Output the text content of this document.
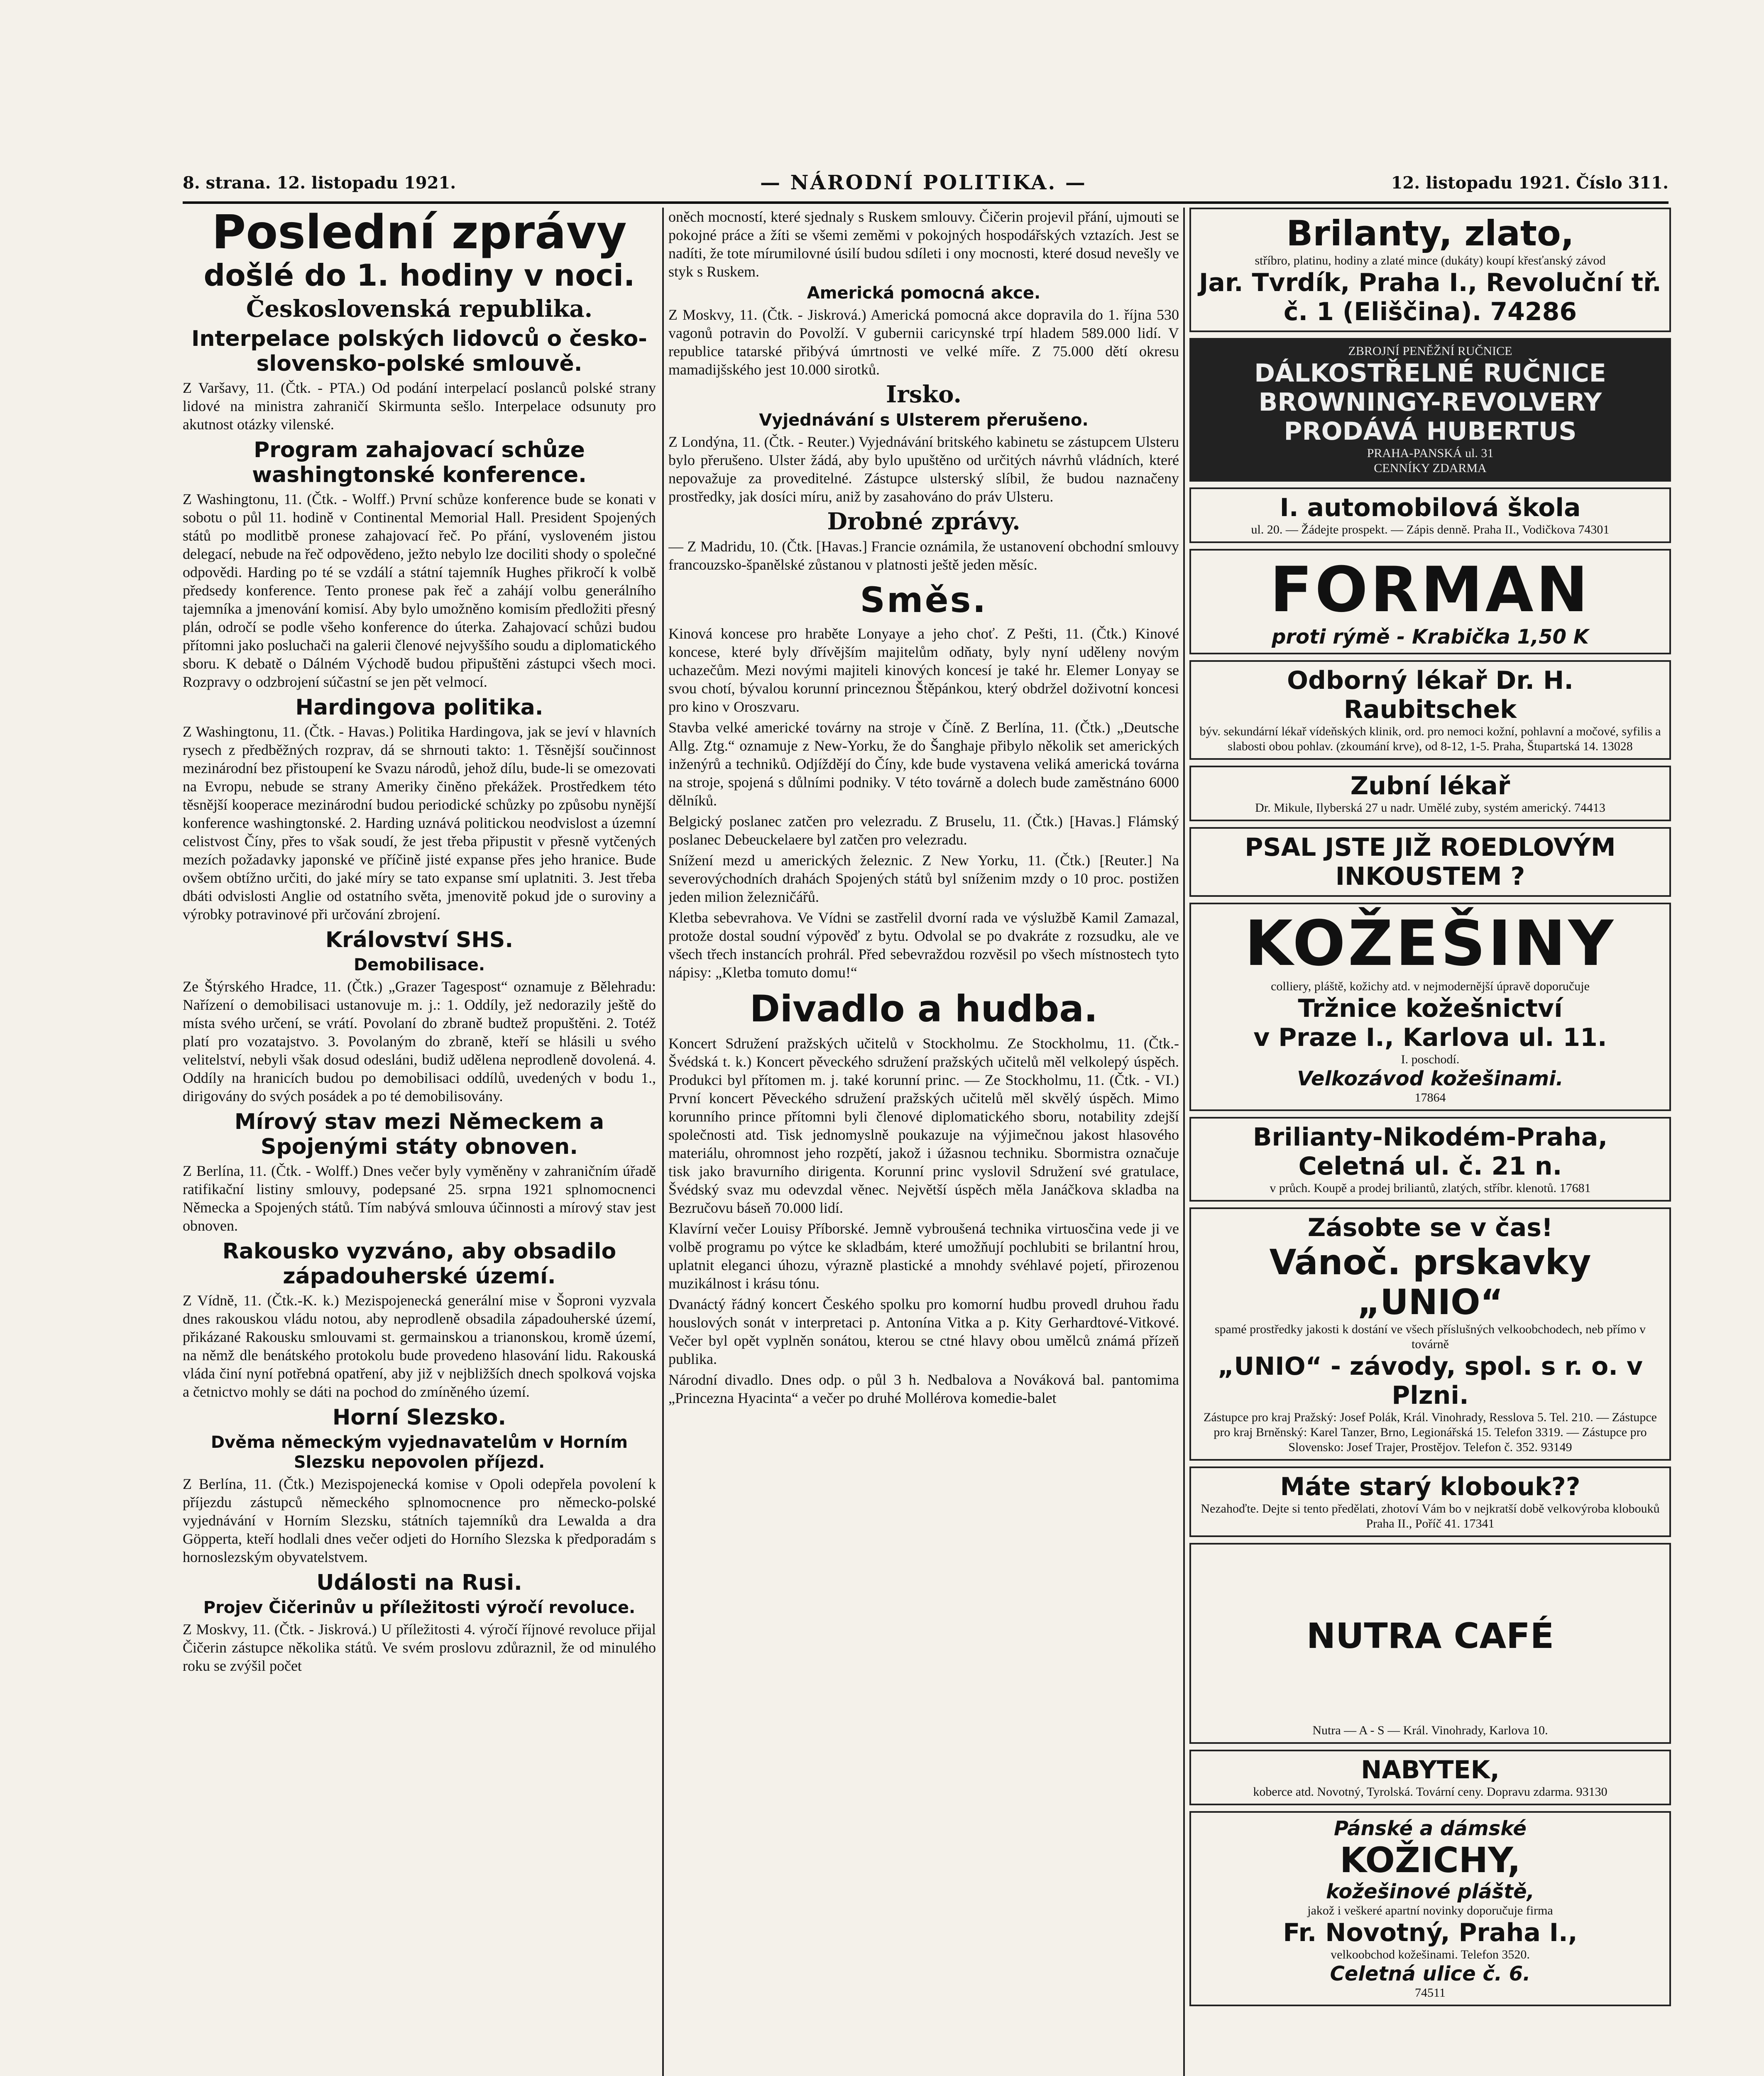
8. strana. 12. listopadu 1921.	— NÁRODNÍ POLITIKA. —	12. listopadu 1921. Číslo 311.
Poslední zprávy
došlé do 1. hodiny v noci.
Československá republika.
Interpelace polských lidovců o česko-slovensko-polské smlouvě.

Z Varšavy, 11. (Čtk. - PTA.) Od podání interpelací poslanců polské strany lidové na ministra zahraničí Skirmunta sešlo. Interpelace odsunuty pro akutnost otázky vilenské.

Program zahajovací schůze washingtonské konference.

Z Washingtonu, 11. (Čtk. - Wolff.) První schůze konference bude se konati v sobotu o půl 11. hodině v Continental Memorial Hall. President Spojených států po modlitbě pronese zahajovací řeč. Po přání, vysloveném jistou delegací, nebude na řeč odpovědeno, ježto nebylo lze dociliti shody o společné odpovědi. Harding po té se vzdálí a státní tajemník Hughes přikročí k volbě předsedy konference. Tento pronese pak řeč a zahájí volbu generálního tajemníka a jmenování komisí. Aby bylo umožněno komisím předložiti přesný plán, odročí se podle všeho konference do úterka. Zahajovací schůzi budou přítomni jako posluchači na galerii členové nejvyššího soudu a diplomatického sboru. K debatě o Dálném Východě budou připuštěni zástupci všech moci. Rozpravy o odzbrojení súčastní se jen pět velmocí.

Hardingova politika.

Z Washingtonu, 11. (Čtk. - Havas.) Politika Hardingova, jak se jeví v hlavních rysech z předběžných rozprav, dá se shrnouti takto: 1. Těsnější součinnost mezinárodní bez přistoupení ke Svazu národů, jehož dílu, bude-li se omezovati na Evropu, nebude se strany Ameriky činěno překážek. Prostředkem této těsnější kooperace mezinárodní budou periodické schůzky po způsobu nynější konference washingtonské. 2. Harding uznává politickou neodvislost a územní celistvost Číny, přes to však soudí, že jest třeba připustit v přesně vytčených mezích požadavky japonské ve příčině jisté expanse přes jeho hranice. Bude ovšem obtížno určiti, do jaké míry se tato expanse smí uplatniti. 3. Jest třeba dbáti odvislosti Anglie od ostatního světa, jmenovitě pokud jde o suroviny a výrobky potravinové při určování zbrojení.

Království SHS.
Demobilisace.

Ze Štýrského Hradce, 11. (Čtk.) „Grazer Tagespost“ oznamuje z Bělehradu: Nařízení o demobilisaci ustanovuje m. j.: 1. Oddíly, jež nedorazily ještě do místa svého určení, se vrátí. Povolaní do zbraně budtež propuštěni. 2. Totéž platí pro vozatajstvo. 3. Povolaným do zbraně, kteří se hlásili u svého velitelství, nebyli však dosud odesláni, budiž udělena neprodleně dovolená. 4. Oddíly na hranicích budou po demobilisaci oddílů, uvedených v bodu 1., dirigovány do svých posádek a po té demobilisovány.

Mírový stav mezi Německem a Spojenými státy obnoven.

Z Berlína, 11. (Čtk. - Wolff.) Dnes večer byly vyměněny v zahraničním úřadě ratifikační listiny smlouvy, podepsané 25. srpna 1921 splnomocnenci Německa a Spojených států. Tím nabývá smlouva účinnosti a mírový stav jest obnoven.

Rakousko vyzváno, aby obsadilo západouherské území.

Z Vídně, 11. (Čtk.-K. k.) Mezispojenecká generální mise v Šoproni vyzvala dnes rakouskou vládu notou, aby neprodleně obsadila západouherské území, přikázané Rakousku smlouvami st. germainskou a trianonskou, kromě území, na němž dle benátského protokolu bude provedeno hlasování lidu. Rakouská vláda činí nyní potřebná opatření, aby již v nejbližších dnech spolková vojska a četnictvo mohly se dáti na pochod do zmíněného území.

Horní Slezsko.
Dvěma německým vyjednavatelům v Horním Slezsku nepovolen příjezd.

Z Berlína, 11. (Čtk.) Mezispojenecká komise v Opoli odepřela povolení k příjezdu zástupců německého splnomocnence pro německo-polské vyjednávání v Horním Slezsku, státních tajemníků dra Lewalda a dra Göpperta, kteří hodlali dnes večer odjeti do Horního Slezska k předporadám s hornoslezským obyvatelstvem.

Události na Rusi.
Projev Čičerinův u příležitosti výročí revoluce.

Z Moskvy, 11. (Čtk. - Jiskrová.) U příležitosti 4. výročí říjnové revoluce přijal Čičerin zástupce několika států. Ve svém proslovu zdůraznil, že od minulého roku se zvýšil počet

oněch mocností, které sjednaly s Ruskem smlouvy. Čičerin projevil přání, ujmouti se pokojné práce a žíti se všemi zeměmi v pokojných hospodářských vztazích. Jest se nadíti, že tote mírumilovné úsilí budou sdíleti i ony mocnosti, které dosud nevešly ve styk s Ruskem.

Americká pomocná akce.

Z Moskvy, 11. (Čtk. - Jiskrová.) Americká pomocná akce dopravila do 1. října 530 vagonů potravin do Povolží. V gubernii caricynské trpí hladem 589.000 lidí. V republice tatarské přibývá úmrtnosti ve velké míře. Z 75.000 dětí okresu mamadijšského jest 10.000 sirotků.

Irsko.
Vyjednávání s Ulsterem přerušeno.

Z Londýna, 11. (Čtk. - Reuter.) Vyjednávání britského kabinetu se zástupcem Ulsteru bylo přerušeno. Ulster žádá, aby bylo upuštěno od určitých návrhů vládních, které nepovažuje za proveditelné. Zástupce ulsterský slíbil, že budou naznačeny prostředky, jak dosíci míru, aniž by zasahováno do práv Ulsteru.

Drobné zprávy.

— Z Madridu, 10. (Čtk. [Havas.] Francie oznámila, že ustanovení obchodní smlouvy francouzsko-španělské zůstanou v platnosti ještě jeden měsíc.

Směs.

Kinová koncese pro hraběte Lonyaye a jeho choť. Z Pešti, 11. (Čtk.) Kinové koncese, které byly dřívějším majitelům odňaty, byly nyní uděleny novým uchazečům. Mezi novými majiteli kinových koncesí je také hr. Elemer Lonyay se svou chotí, bývalou korunní princeznou Štěpánkou, který obdržel doživotní koncesi pro kino v Oroszvaru.

Stavba velké americké továrny na stroje v Číně. Z Berlína, 11. (Čtk.) „Deutsche Allg. Ztg.“ oznamuje z New-Yorku, že do Šanghaje přibylo několik set amerických inženýrů a techniků. Odjíždějí do Číny, kde bude vystavena veliká americká továrna na stroje, spojená s důlními podniky. V této továrně a dolech bude zaměstnáno 6000 dělníků.

Belgický poslanec zatčen pro velezradu. Z Bruselu, 11. (Čtk.) [Havas.] Flámský poslanec Debeuckelaere byl zatčen pro velezradu.

Snížení mezd u amerických železnic. Z New Yorku, 11. (Čtk.) [Reuter.] Na severovýchodních drahách Spojených států byl sníženim mzdy o 10 proc. postižen jeden milion železničářů.

Kletba sebevrahova. Ve Vídni se zastřelil dvorní rada ve výslužbě Kamil Zamazal, protože dostal soudní výpověď z bytu. Odvolal se po dvakráte z rozsudku, ale ve všech třech instancích prohrál. Před sebevraždou rozvěsil po všech místnostech tyto nápisy: „Kletba tomuto domu!“

Divadlo a hudba.

Koncert Sdružení pražských učitelů v Stockholmu. Ze Stockholmu, 11. (Čtk.-Švédská t. k.) Koncert pěveckého sdružení pražských učitelů měl velkolepý úspěch. Produkci byl přítomen m. j. také korunní princ. — Ze Stockholmu, 11. (Čtk. - VI.) První koncert Pěveckého sdružení pražských učitelů měl skvělý úspěch. Mimo korunního prince přítomni byli členové diplomatického sboru, notability zdejší společnosti atd. Tisk jednomyslně poukazuje na výjimečnou jakost hlasového materiálu, ohromnost jeho rozpětí, jakož i úžasnou techniku. Sbormistra označuje tisk jako bravurního dirigenta. Korunní princ vyslovil Sdružení své gratulace, Švédský svaz mu odevzdal věnec. Největší úspěch měla Janáčkova skladba na Bezručovu báseň 70.000 lidí.

Klavírní večer Louisy Příborské. Jemně vybroušená technika virtuosčina vede ji ve volbě programu po výtce ke skladbám, které umožňují pochlubiti se brilantní hrou, uplatnit eleganci úhozu, výrazně plastické a mnohdy svéhlavé pojetí, přirozenou muzikálnost i krásu tónu.

Dvanáctý řádný koncert Českého spolku pro komorní hudbu provedl druhou řadu houslových sonát v interpretaci p. Antonína Vitka a p. Kity Gerhardtové-Vitkové. Večer byl opět vyplněn sonátou, kterou se ctné hlavy obou umělců známá přízeň publika.

Národní divadlo. Dnes odp. o půl 3 h. Nedbalova a Nováková bal. pantomima „Princezna Hyacinta“ a večer po druhé Mollérova komedie-balet

Brilanty, zlato,
stříbro, platinu, hodiny a zlaté mince (dukáty) koupí křesťanský závod
Jar. Tvrdík, Praha I., Revoluční tř. č. 1 (Eliščina). 74286
ZBROJNÍ PENĚŽNÍ RUČNICE
DÁLKOSTŘELNÉ RUČNICE
BROWNINGY-REVOLVERY
PRODÁVÁ HUBERTUS
PRAHA-PANSKÁ ul. 31
CENNÍKY ZDARMA
I. automobilová škola
ul. 20. — Žádejte prospekt. — Zápis denně. Praha II., Vodičkova 74301
FORMAN
proti rýmě - Krabička 1,50 K
Odborný lékař Dr. H. Raubitschek
býv. sekundární lékař vídeňských klinik, ord. pro nemoci kožní, pohlavní a močové, syfilis a slabosti obou pohlav. (zkoumání krve), od 8-12, 1-5. Praha, Štupartská 14. 13028
Zubní lékař
Dr. Mikule, Ilyberská 27 u nadr. Umělé zuby, systém americký. 74413
PSAL JSTE JIŽ ROEDLOVÝM INKOUSTEM ?
KOŽEŠINY
colliery, pláště, kožichy atd. v nejmodernější úpravě doporučuje
Tržnice kožešnictví
v Praze I., Karlova ul. 11.
I. poschodí.
Velkozávod kožešinami.
17864
Brilianty-Nikodém-Praha, Celetná ul. č. 21 n.
v průch. Koupě a prodej briliantů, zlatých, stříbr. klenotů. 17681
Zásobte se v čas!
Vánoč. prskavky
„UNIO“
spamé prostředky jakosti k dostání ve všech příslušných velkoobchodech, neb přímo v továrně
„UNIO“ - závody, spol. s r. o. v Plzni.
Zástupce pro kraj Pražský: Josef Polák, Král. Vinohrady, Resslova 5. Tel. 210. — Zástupce pro kraj Brněnský: Karel Tanzer, Brno, Legionářská 15. Telefon 3319. — Zástupce pro Slovensko: Josef Trajer, Prostějov. Telefon č. 352. 93149
Máte starý klobouk??
Nezahoďte. Dejte si tento předělati, zhotoví Vám bo v nejkratší době velkovýroba klobouků Praha II., Poříč 41. 17341
NUTRA CAFÉ
Nutra — A - S — Král. Vinohrady, Karlova 10.
NABYTEK,
koberce atd. Novotný, Tyrolská. Tovární ceny. Dopravu zdarma. 93130
Pánské a dámské
KOŽICHY,
kožešinové pláště,
jakož i veškeré apartní novinky doporučuje firma
Fr. Novotný, Praha I.,
velkoobchod kožešinami. Telefon 3520.
Celetná ulice č. 6.
74511
